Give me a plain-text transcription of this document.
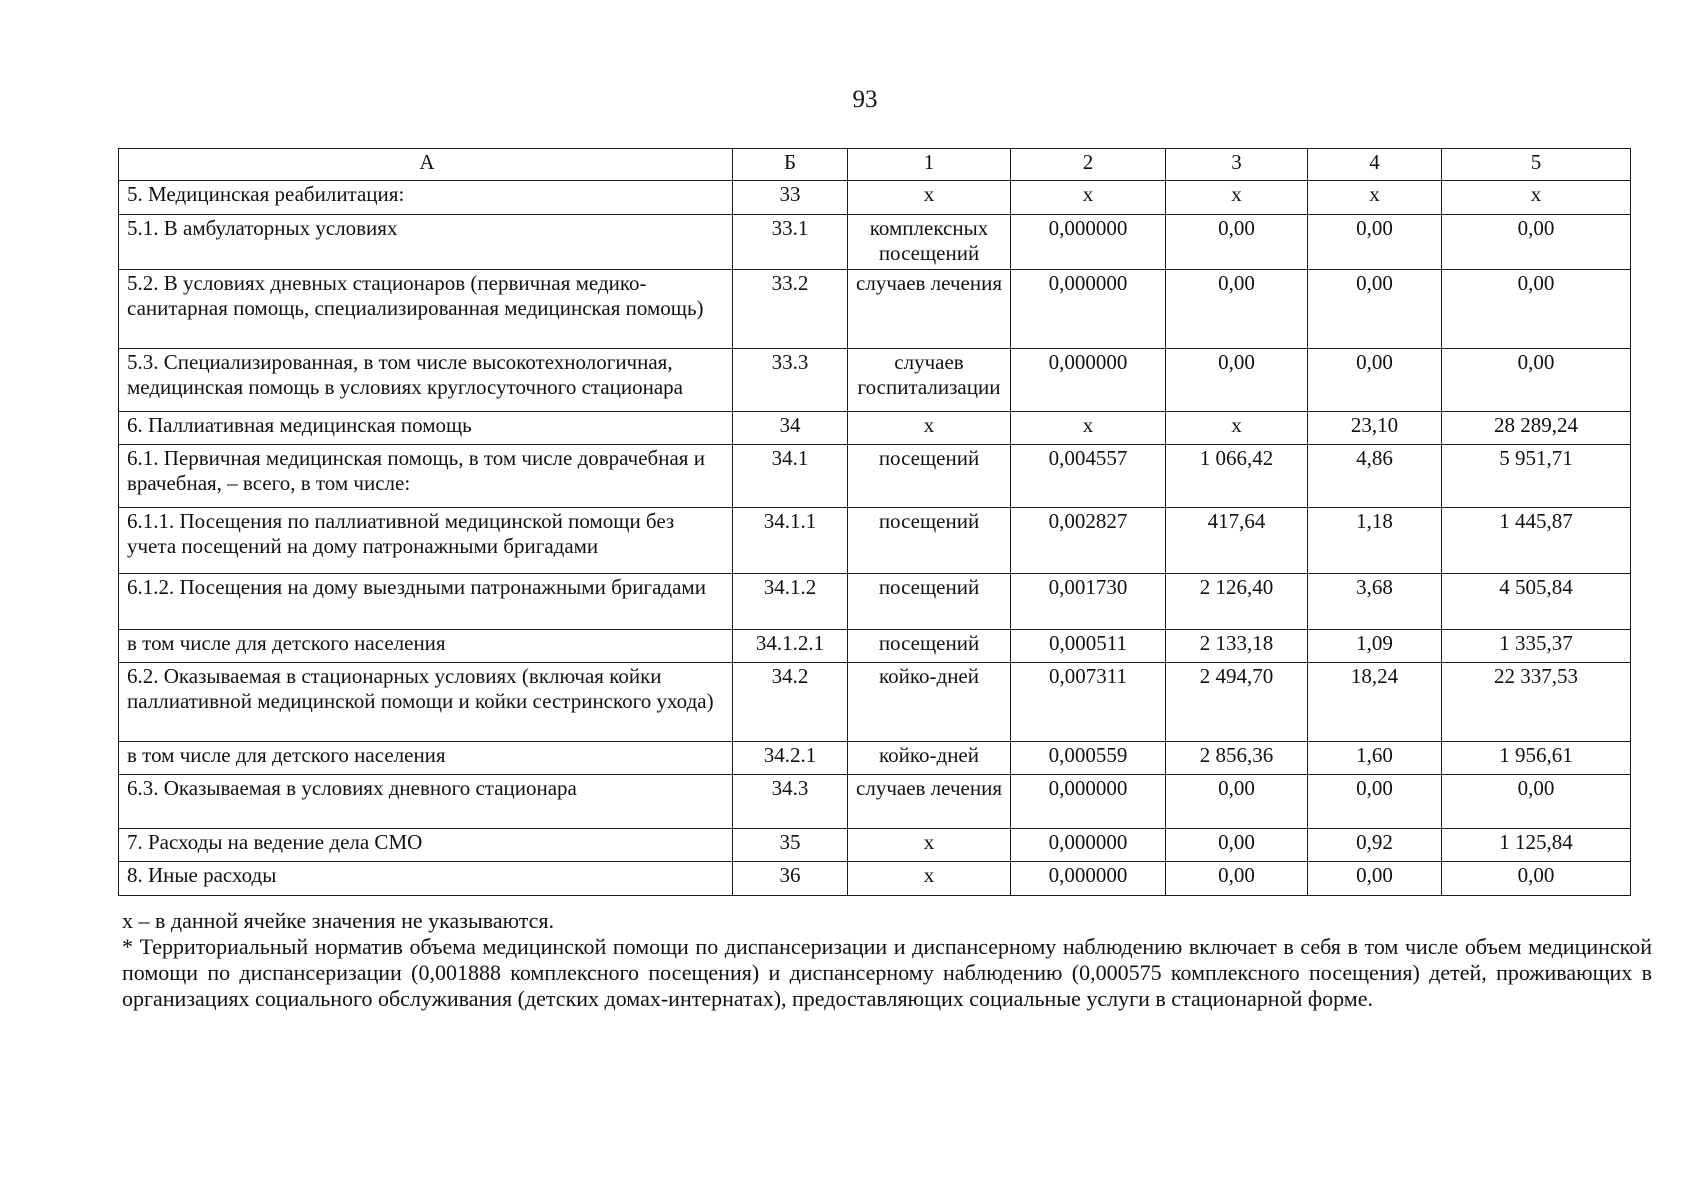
93
А	Б	1	2	3	4	5
5. Медицинская реабилитация:	33	х	х	х	х	х
5.1. В амбулаторных условиях	33.1	комплексных посещений	0,000000	0,00	0,00	0,00
5.2. В условиях дневных стационаров (первичная медико-санитарная помощь, специализированная медицинская помощь)	33.2	случаев лечения	0,000000	0,00	0,00	0,00
5.3. Специализированная, в том числе высокотехнологичная, медицинская помощь в условиях круглосуточного стационара	33.3	случаев госпитализации	0,000000	0,00	0,00	0,00
6. Паллиативная медицинская помощь	34	х	х	х	23,10	28 289,24
6.1. Первичная медицинская помощь, в том числе доврачебная и врачебная, – всего, в том числе:	34.1	посещений	0,004557	1 066,42	4,86	5 951,71
6.1.1. Посещения по паллиативной медицинской помощи без учета посещений на дому патронажными бригадами	34.1.1	посещений	0,002827	417,64	1,18	1 445,87
6.1.2. Посещения на дому выездными патронажными бригадами	34.1.2	посещений	0,001730	2 126,40	3,68	4 505,84
в том числе для детского населения	34.1.2.1	посещений	0,000511	2 133,18	1,09	1 335,37
6.2. Оказываемая в стационарных условиях (включая койки паллиативной медицинской помощи и койки сестринского ухода)	34.2	койко-дней	0,007311	2 494,70	18,24	22 337,53
в том числе для детского населения	34.2.1	койко-дней	0,000559	2 856,36	1,60	1 956,61
6.3. Оказываемая в условиях дневного стационара	34.3	случаев лечения	0,000000	0,00	0,00	0,00
7. Расходы на ведение дела СМО	35	х	0,000000	0,00	0,92	1 125,84
8. Иные расходы	36	х	0,000000	0,00	0,00	0,00

х – в данной ячейке значения не указываются.

* Территориальный норматив объема медицинской помощи по диспансеризации и диспансерному наблюдению включает в себя в том числе объем медицинской помощи по диспансеризации (0,001888 комплексного посещения) и диспансерному наблюдению (0,000575 комплексного посещения) детей, проживающих в организациях социального обслуживания (детских домах-интернатах), предоставляющих социальные услуги в стационарной форме.
